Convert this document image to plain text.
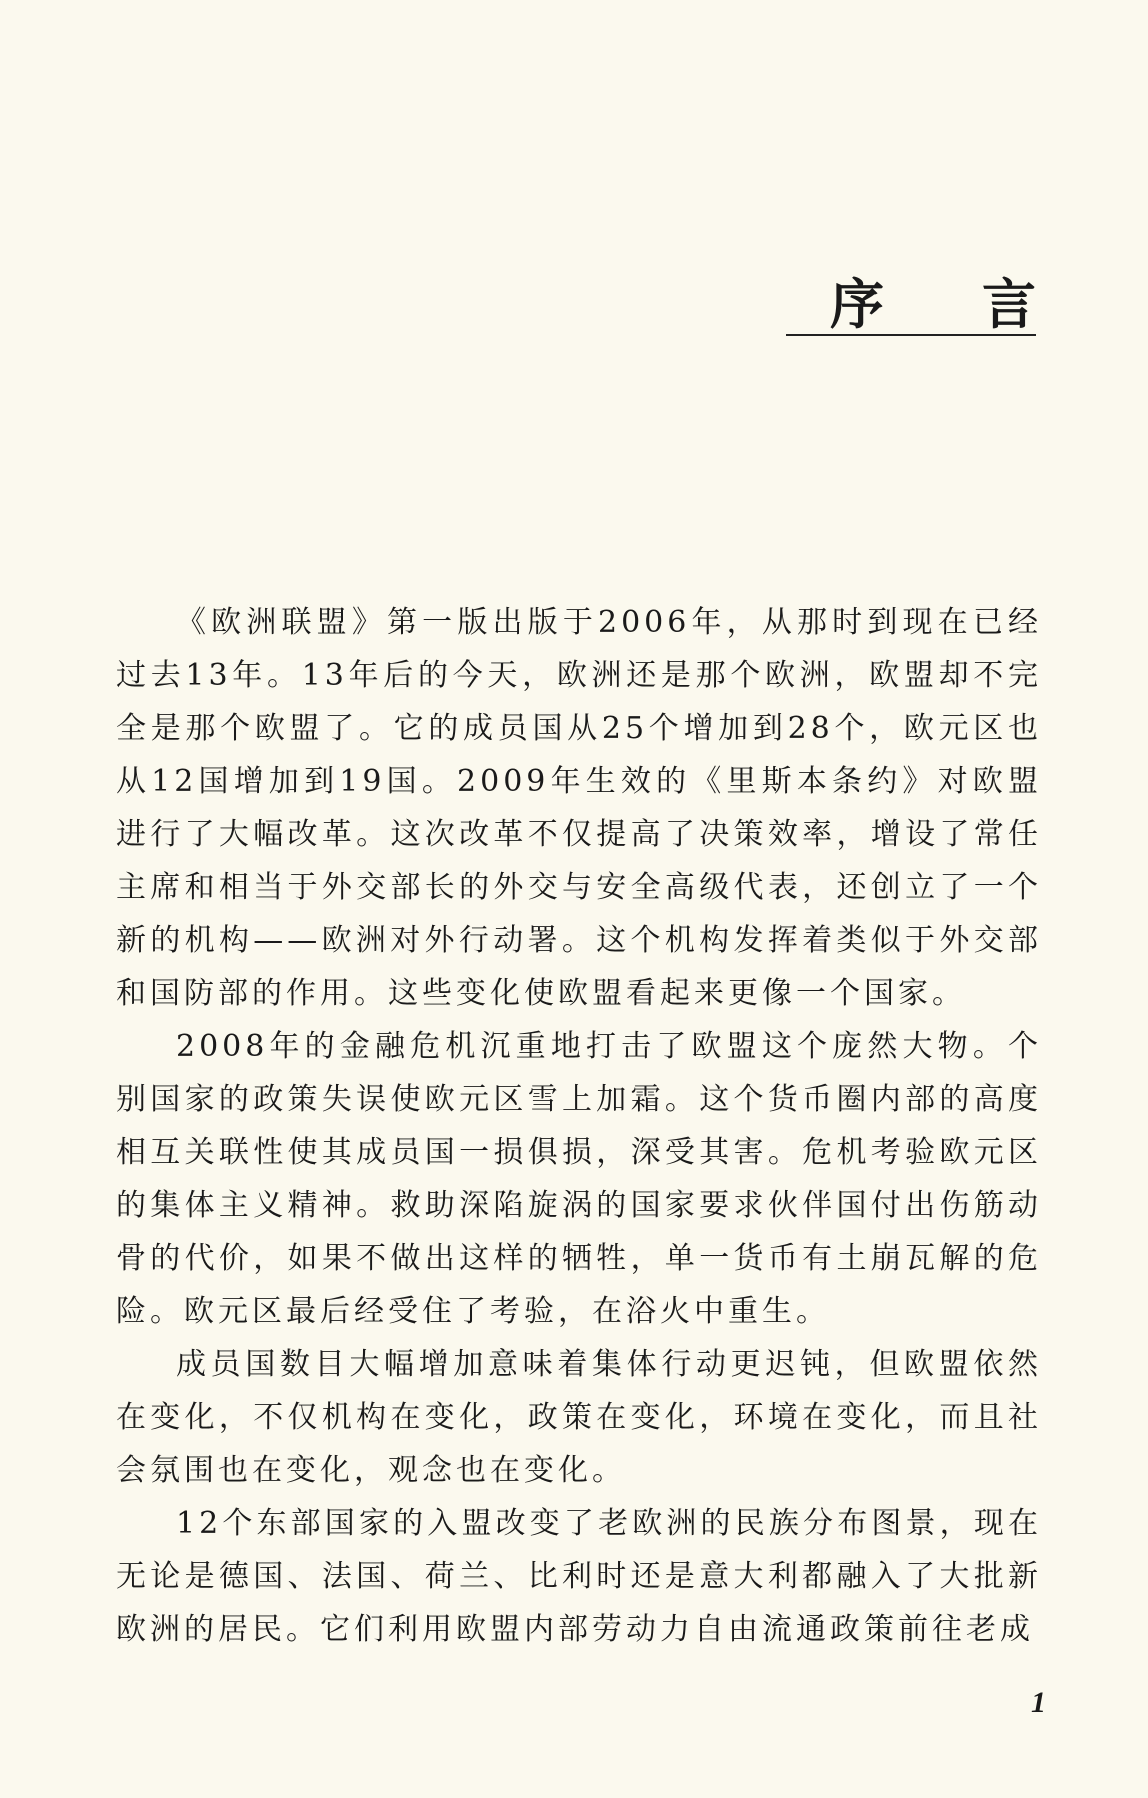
序 言

《欧洲联盟》第一版出版于2006年，从那时到现在已经过去13年。13年后的今天，欧洲还是那个欧洲，欧盟却不完全是那个欧盟了。它的成员国从25个增加到28个，欧元区也从12国增加到19国。2009年生效的《里斯本条约》对欧盟进行了大幅改革。这次改革不仅提高了决策效率，增设了常任主席和相当于外交部长的外交与安全高级代表，还创立了一个新的机构——欧洲对外行动署。这个机构发挥着类似于外交部和国防部的作用。这些变化使欧盟看起来更像一个国家。

2008年的金融危机沉重地打击了欧盟这个庞然大物。个别国家的政策失误使欧元区雪上加霜。这个货币圈内部的高度相互关联性使其成员国一损俱损，深受其害。危机考验欧元区的集体主义精神。救助深陷旋涡的国家要求伙伴国付出伤筋动骨的代价，如果不做出这样的牺牲，单一货币有土崩瓦解的危险。欧元区最后经受住了考验，在浴火中重生。

成员国数目大幅增加意味着集体行动更迟钝，但欧盟依然在变化，不仅机构在变化，政策在变化，环境在变化，而且社会氛围也在变化，观念也在变化。

12个东部国家的入盟改变了老欧洲的民族分布图景，现在无论是德国、法国、荷兰、比利时还是意大利都融入了大批新欧洲的居民。它们利用欧盟内部劳动力自由流通政策前往老成

1
